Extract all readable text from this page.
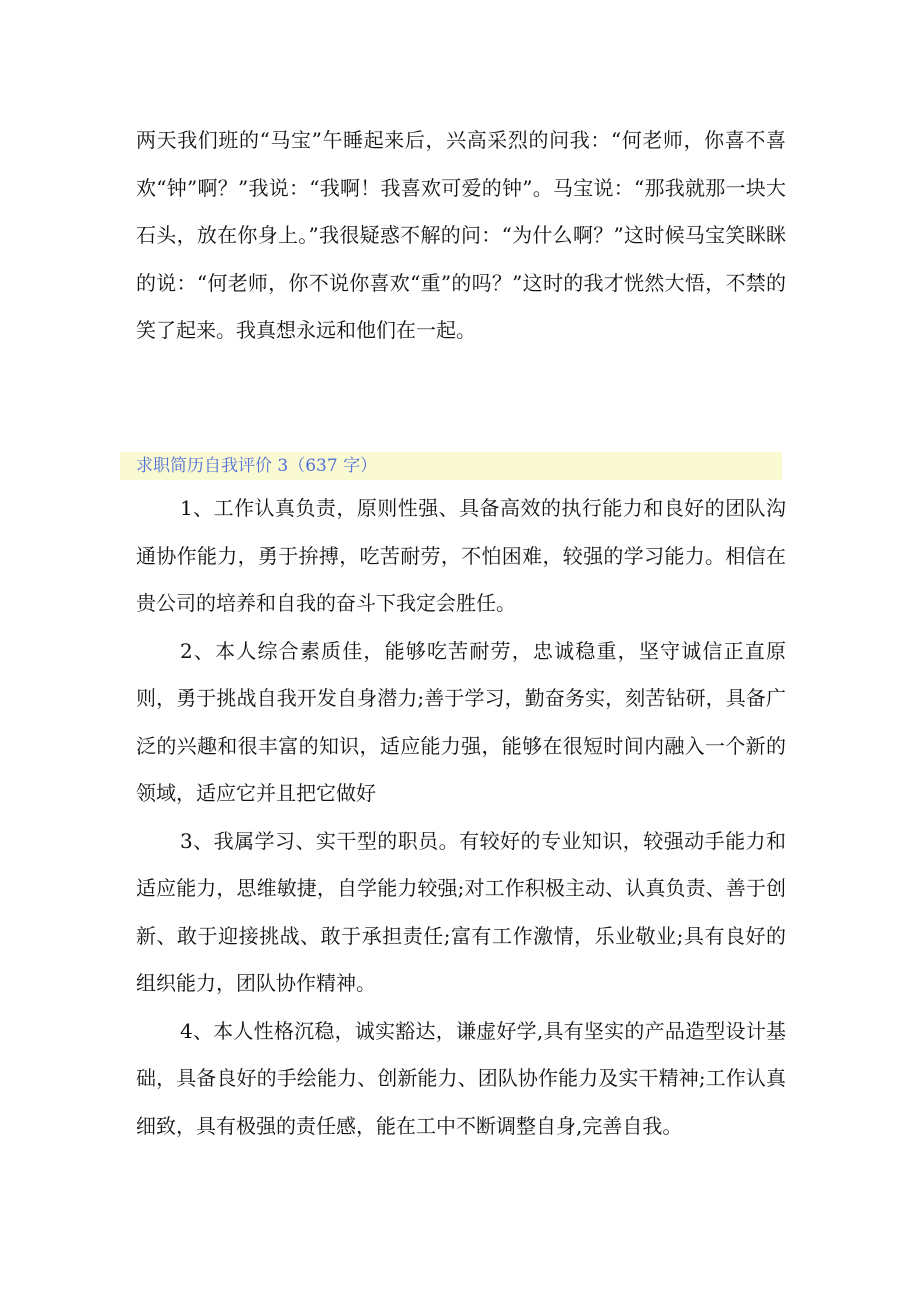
两天我们班的“马宝”午睡起来后，兴高采烈的问我：“何老师，你喜不喜欢“钟”啊？”我说：“我啊！我喜欢可爱的钟”。马宝说：“那我就那一块大石头，放在你身上。”我很疑惑不解的问：“为什么啊？”这时候马宝笑眯眯的说：“何老师，你不说你喜欢“重”的吗？”这时的我才恍然大悟，不禁的笑了起来。我真想永远和他们在一起。

求职简历自我评价 3（637 字）

1、工作认真负责，原则性强、具备高效的执行能力和良好的团队沟通协作能力，勇于拚搏，吃苦耐劳，不怕困难，较强的学习能力。相信在贵公司的培养和自我的奋斗下我定会胜任。

2、本人综合素质佳，能够吃苦耐劳，忠诚稳重，坚守诚信正直原则，勇于挑战自我开发自身潜力;善于学习，勤奋务实，刻苦钻研，具备广泛的兴趣和很丰富的知识，适应能力强，能够在很短时间内融入一个新的领域，适应它并且把它做好

3、我属学习、实干型的职员。有较好的专业知识，较强动手能力和适应能力，思维敏捷，自学能力较强;对工作积极主动、认真负责、善于创新、敢于迎接挑战、敢于承担责任;富有工作激情，乐业敬业;具有良好的组织能力，团队协作精神。

4、本人性格沉稳，诚实豁达，谦虚好学,具有坚实的产品造型设计基础，具备良好的手绘能力、创新能力、团队协作能力及实干精神;工作认真细致，具有极强的责任感，能在工中不断调整自身,完善自我。
